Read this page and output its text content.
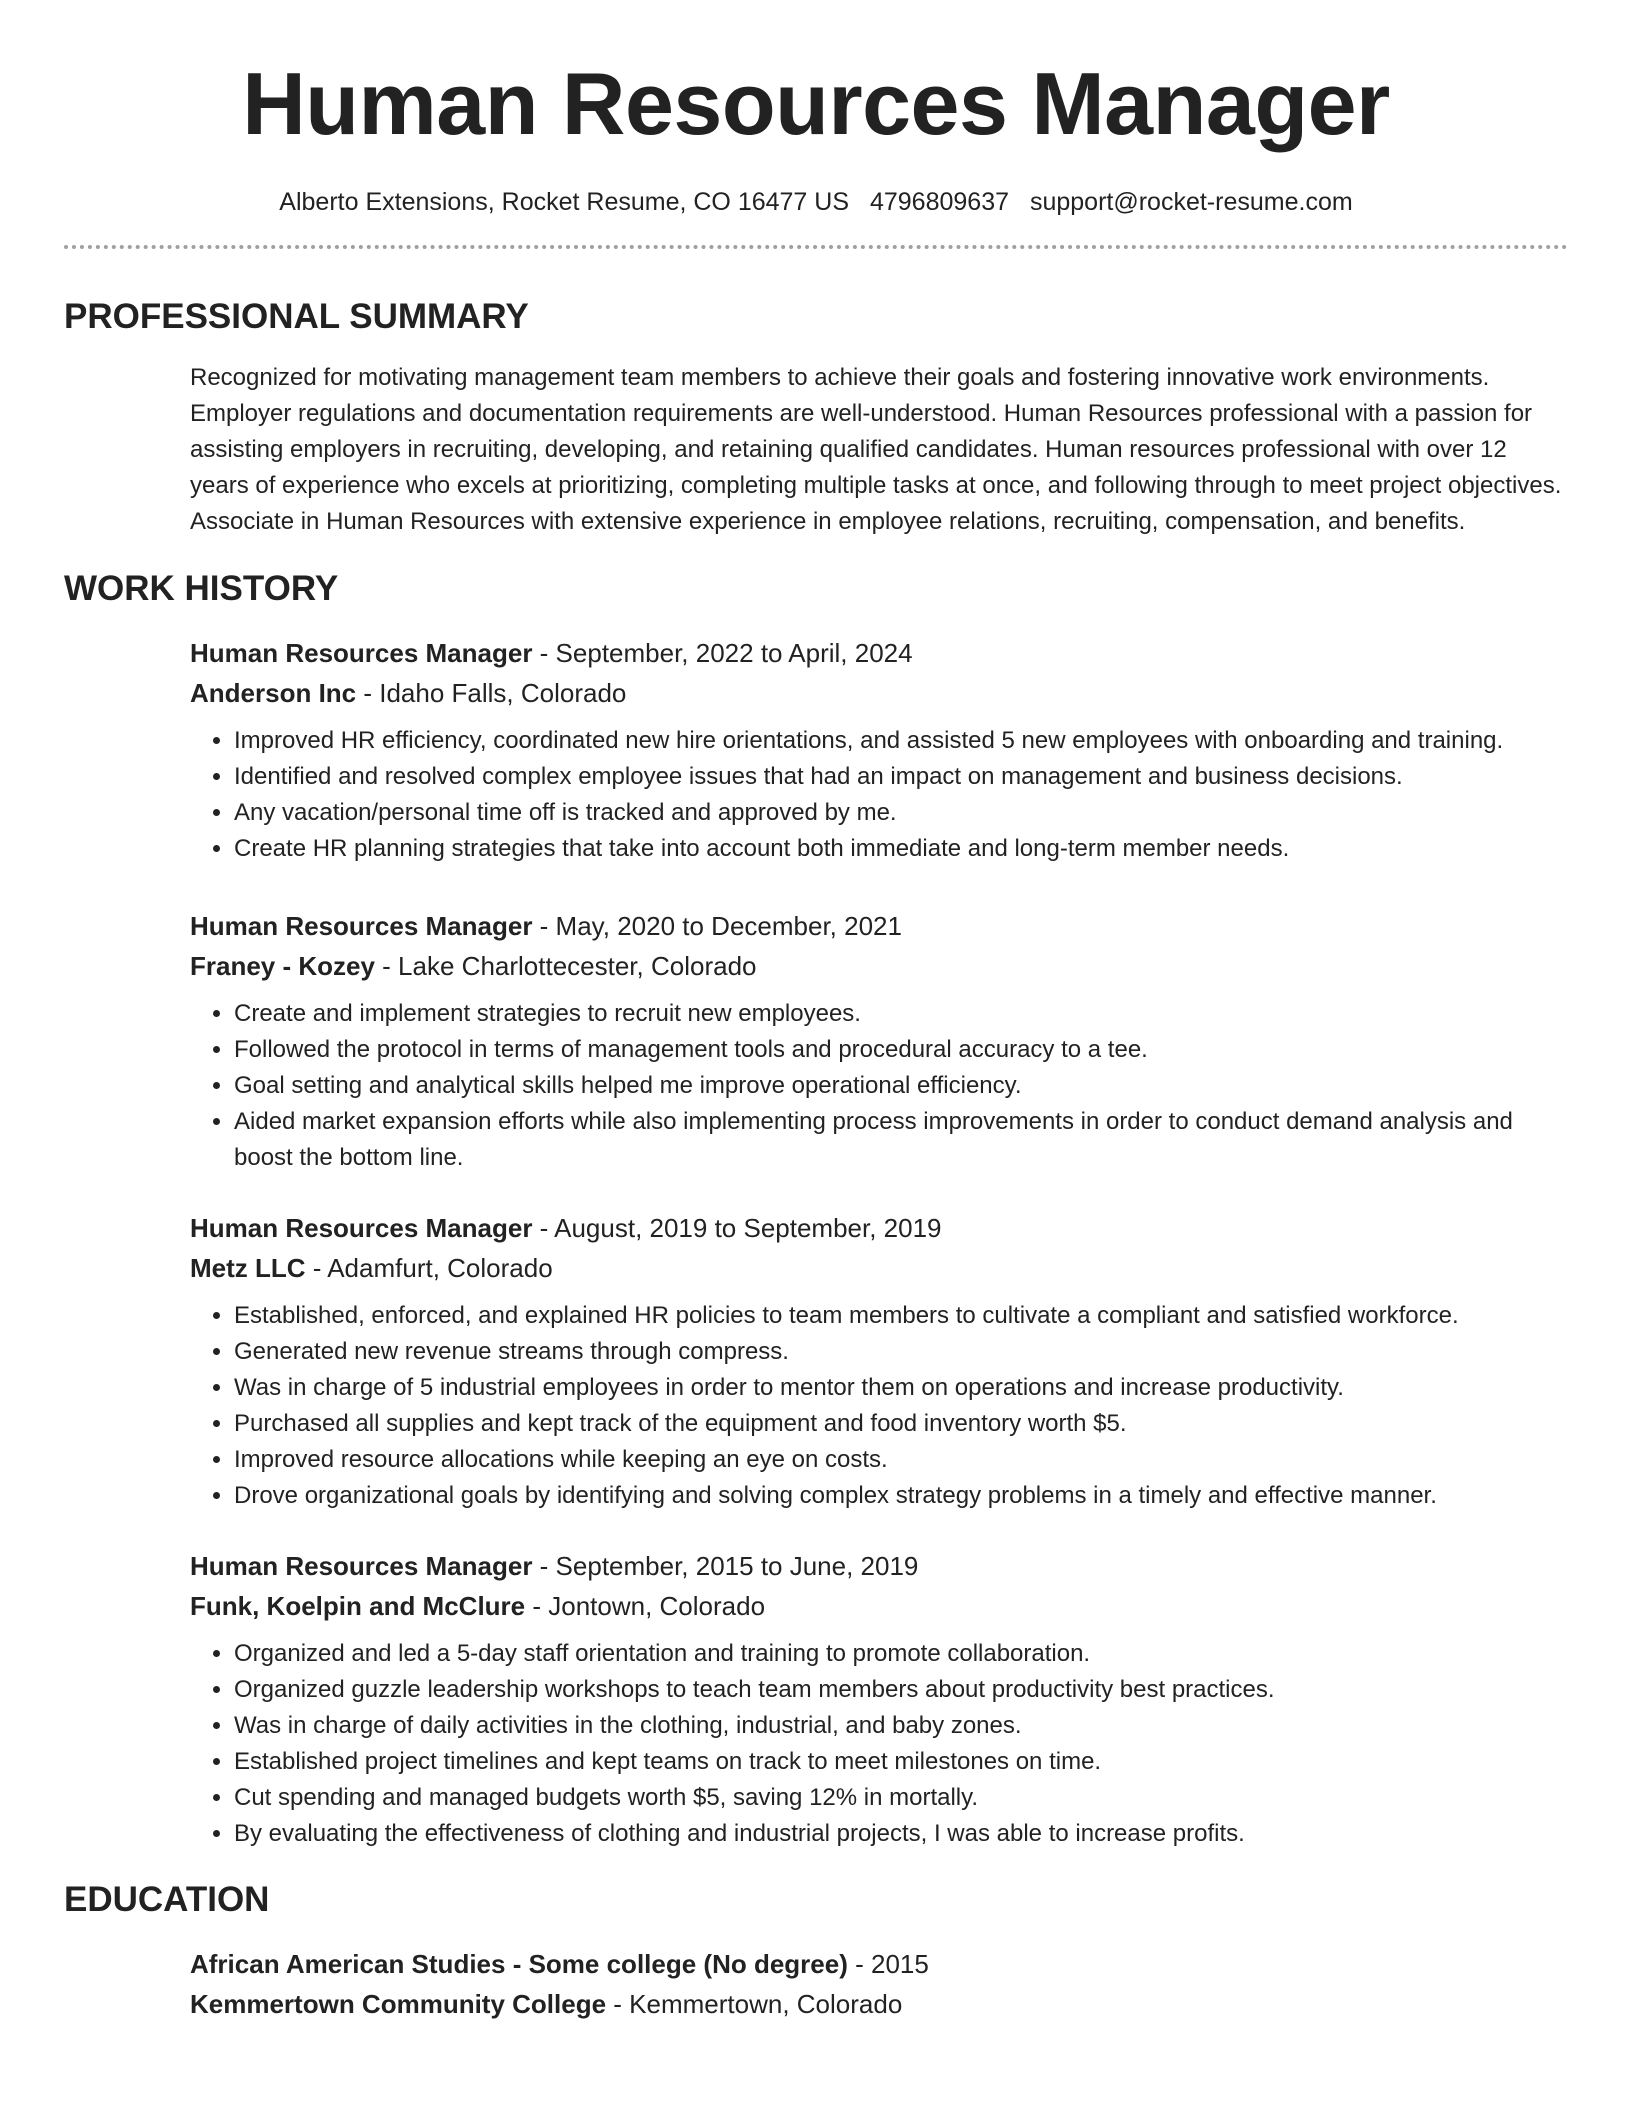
Human Resources Manager
Alberto Extensions, Rocket Resume, CO 16477 US 4796809637 support@rocket-resume.com
PROFESSIONAL SUMMARY

Recognized for motivating management team members to achieve their goals and fostering innovative work environments. Employer regulations and documentation requirements are well-understood. Human Resources professional with a passion for assisting employers in recruiting, developing, and retaining qualified candidates. Human resources professional with over 12 years of experience who excels at prioritizing, completing multiple tasks at once, and following through to meet project objectives. Associate in Human Resources with extensive experience in employee relations, recruiting, compensation, and benefits.

WORK HISTORY
Human Resources Manager - September, 2022 to April, 2024
Anderson Inc - Idaho Falls, Colorado
• Improved HR efficiency, coordinated new hire orientations, and assisted 5 new employees with onboarding and training.
• Identified and resolved complex employee issues that had an impact on management and business decisions.
• Any vacation/personal time off is tracked and approved by me.
• Create HR planning strategies that take into account both immediate and long-term member needs.
Human Resources Manager - May, 2020 to December, 2021
Franey - Kozey - Lake Charlottecester, Colorado
• Create and implement strategies to recruit new employees.
• Followed the protocol in terms of management tools and procedural accuracy to a tee.
• Goal setting and analytical skills helped me improve operational efficiency.
• Aided market expansion efforts while also implementing process improvements in order to conduct demand analysis and boost the bottom line.
Human Resources Manager - August, 2019 to September, 2019
Metz LLC - Adamfurt, Colorado
• Established, enforced, and explained HR policies to team members to cultivate a compliant and satisfied workforce.
• Generated new revenue streams through compress.
• Was in charge of 5 industrial employees in order to mentor them on operations and increase productivity.
• Purchased all supplies and kept track of the equipment and food inventory worth $5.
• Improved resource allocations while keeping an eye on costs.
• Drove organizational goals by identifying and solving complex strategy problems in a timely and effective manner.
Human Resources Manager - September, 2015 to June, 2019
Funk, Koelpin and McClure - Jontown, Colorado
• Organized and led a 5-day staff orientation and training to promote collaboration.
• Organized guzzle leadership workshops to teach team members about productivity best practices.
• Was in charge of daily activities in the clothing, industrial, and baby zones.
• Established project timelines and kept teams on track to meet milestones on time.
• Cut spending and managed budgets worth $5, saving 12% in mortally.
• By evaluating the effectiveness of clothing and industrial projects, I was able to increase profits.
EDUCATION
African American Studies - Some college (No degree) - 2015
Kemmertown Community College - Kemmertown, Colorado
